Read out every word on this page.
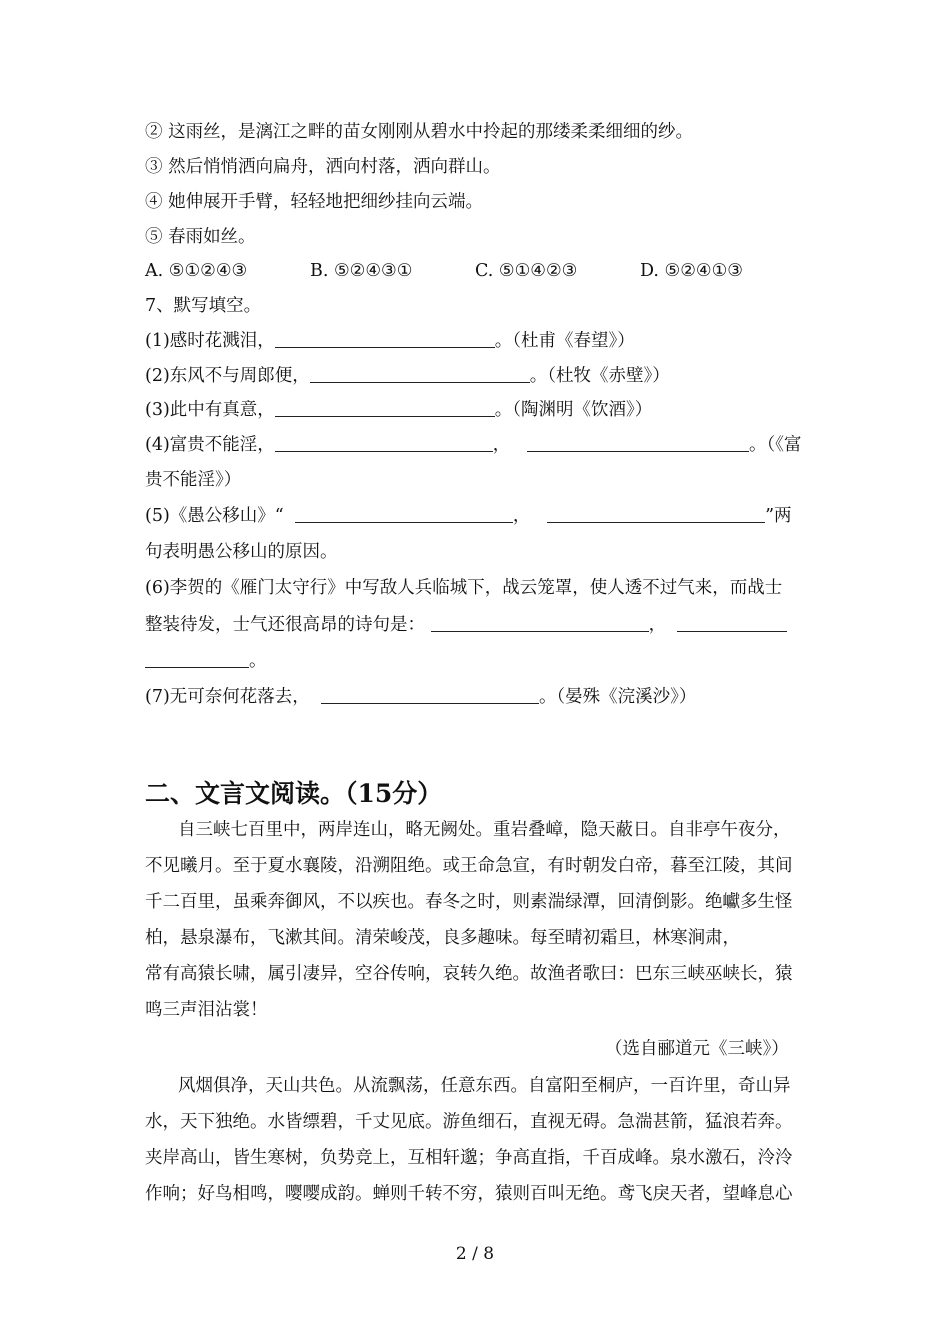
② 这雨丝，是漓江之畔的苗女刚刚从碧水中拎起的那缕柔柔细细的纱。
③ 然后悄悄洒向扁舟，洒向村落，洒向群山。
④ 她伸展开手臂，轻轻地把细纱挂向云端。
⑤ 春雨如丝。
A. ⑤①②④③	B. ⑤②④③①	C. ⑤①④②③	D. ⑤②④①③
7、默写填空。
(1)感时花溅泪，	。（杜甫《春望》）
(2)东风不与周郎便，	。（杜牧《赤壁》）
(3)此中有真意，	。（陶渊明《饮酒》）
(4)富贵不能淫，	，	。（《富
贵不能淫》）
(5)《愚公移山》“	，	”两
句表明愚公移山的原因。
(6)李贺的《雁门太守行》中写敌人兵临城下，战云笼罩，使人透不过气来，而战士
整装待发，士气还很高昂的诗句是：	，
。
(7)无可奈何花落去，	。（晏殊《浣溪沙》）
二、文言文阅读。（15分）
自三峡七百里中，两岸连山，略无阙处。重岩叠嶂，隐天蔽日。自非亭午夜分，
不见曦月。至于夏水襄陵，沿溯阻绝。或王命急宣，有时朝发白帝，暮至江陵，其间
千二百里，虽乘奔御风，不以疾也。春冬之时，则素湍绿潭，回清倒影。绝巘多生怪
柏，悬泉瀑布，飞漱其间。清荣峻茂，良多趣味。每至晴初霜旦，林寒涧肃，
常有高猿长啸，属引凄异，空谷传响，哀转久绝。故渔者歌曰：巴东三峡巫峡长，猿
鸣三声泪沾裳！
（选自郦道元《三峡》）
风烟俱净，天山共色。从流飘荡，任意东西。自富阳至桐庐，一百许里，奇山异
水，天下独绝。水皆缥碧，千丈见底。游鱼细石，直视无碍。急湍甚箭，猛浪若奔。
夹岸高山，皆生寒树，负势竞上，互相轩邈；争高直指，千百成峰。泉水激石，泠泠
作响；好鸟相鸣，嘤嘤成韵。蝉则千转不穷，猿则百叫无绝。鸢飞戾天者，望峰息心
2 / 8
